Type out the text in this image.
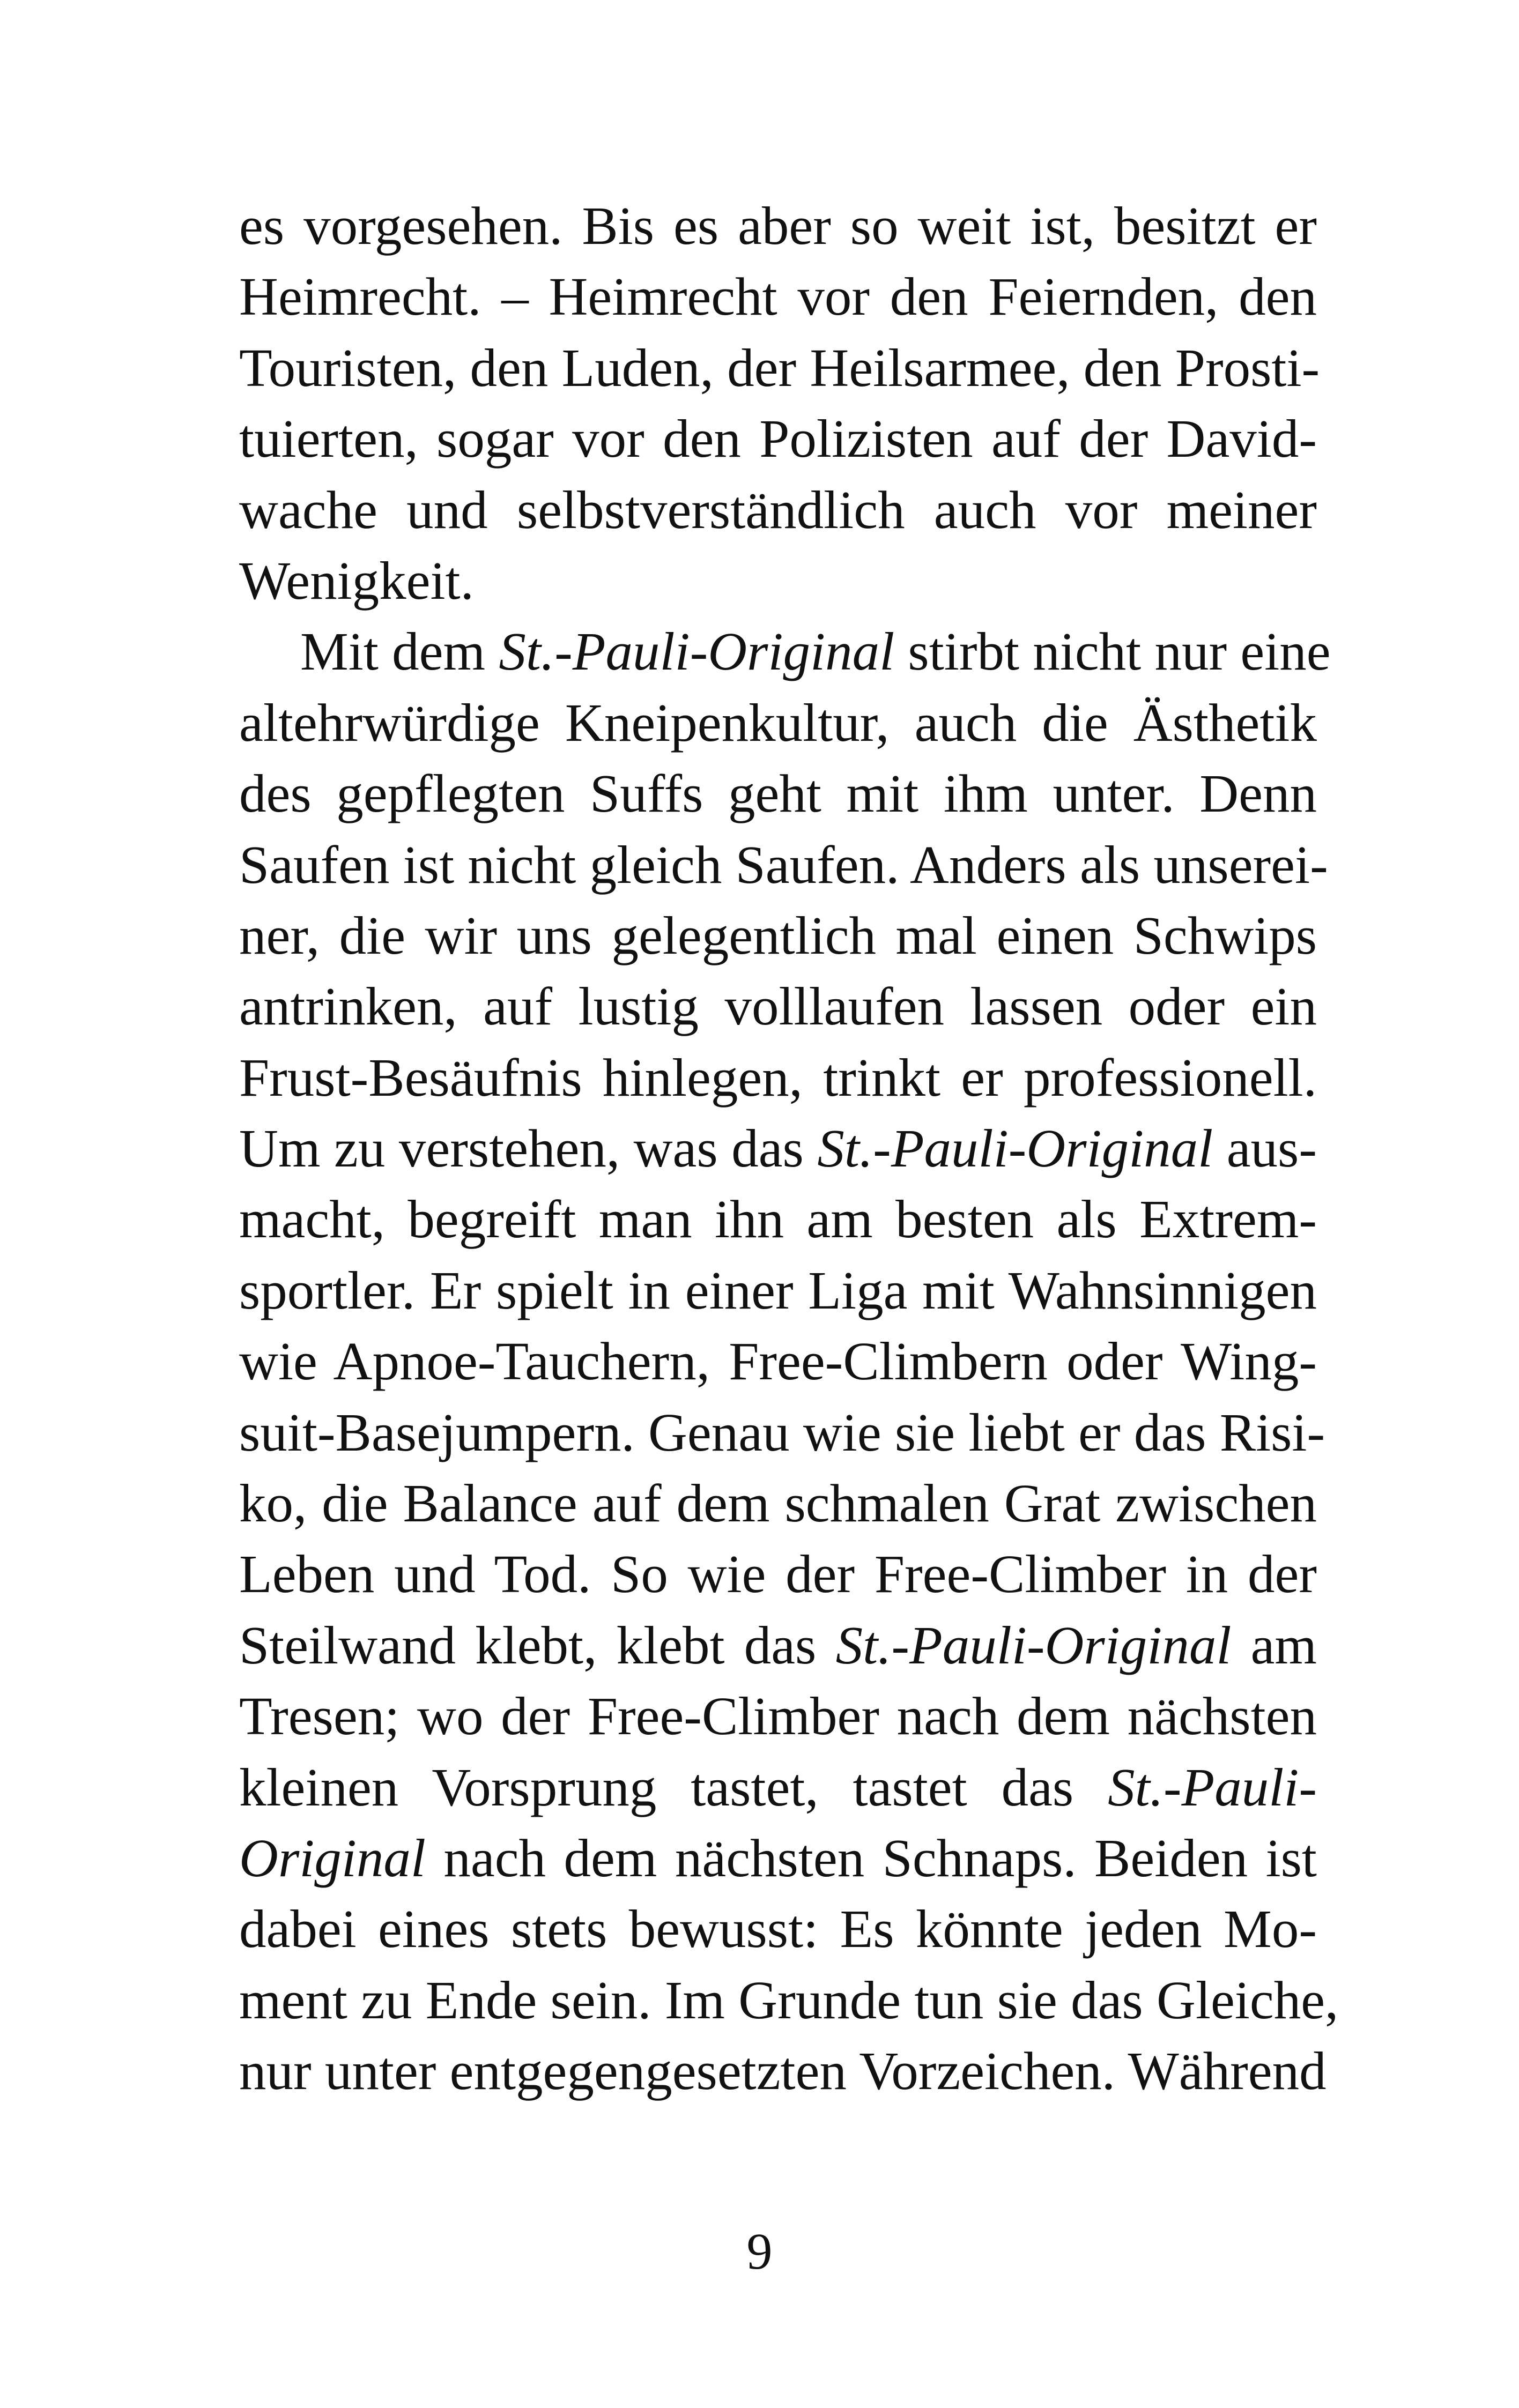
es vorgesehen. Bis es aber so weit ist, besitzt er
Heimrecht. – Heimrecht vor den Feiernden, den
Touristen, den Luden, der Heilsarmee, den Prosti-
tuierten, sogar vor den Polizisten auf der David-
wache und selbstverständlich auch vor meiner
Wenigkeit.
Mit dem St.-Pauli-Original stirbt nicht nur eine
altehrwürdige Kneipenkultur, auch die Ästhetik
des gepflegten Suffs geht mit ihm unter. Denn
Saufen ist nicht gleich Saufen. Anders als unserei-
ner, die wir uns gelegentlich mal einen Schwips
antrinken, auf lustig volllaufen lassen oder ein
Frust-Besäufnis hinlegen, trinkt er professionell.
Um zu verstehen, was das St.-Pauli-Original aus-
macht, begreift man ihn am besten als Extrem-
sportler. Er spielt in einer Liga mit Wahnsinnigen
wie Apnoe-Tauchern, Free-Climbern oder Wing-
suit-Basejumpern. Genau wie sie liebt er das Risi-
ko, die Balance auf dem schmalen Grat zwischen
Leben und Tod. So wie der Free-Climber in der
Steilwand klebt, klebt das St.-Pauli-Original am
Tresen; wo der Free-Climber nach dem nächsten
kleinen Vorsprung tastet, tastet das St.-Pauli-
Original nach dem nächsten Schnaps. Beiden ist
dabei eines stets bewusst: Es könnte jeden Mo-
ment zu Ende sein. Im Grunde tun sie das Gleiche,
nur unter entgegengesetzten Vorzeichen. Während
9
